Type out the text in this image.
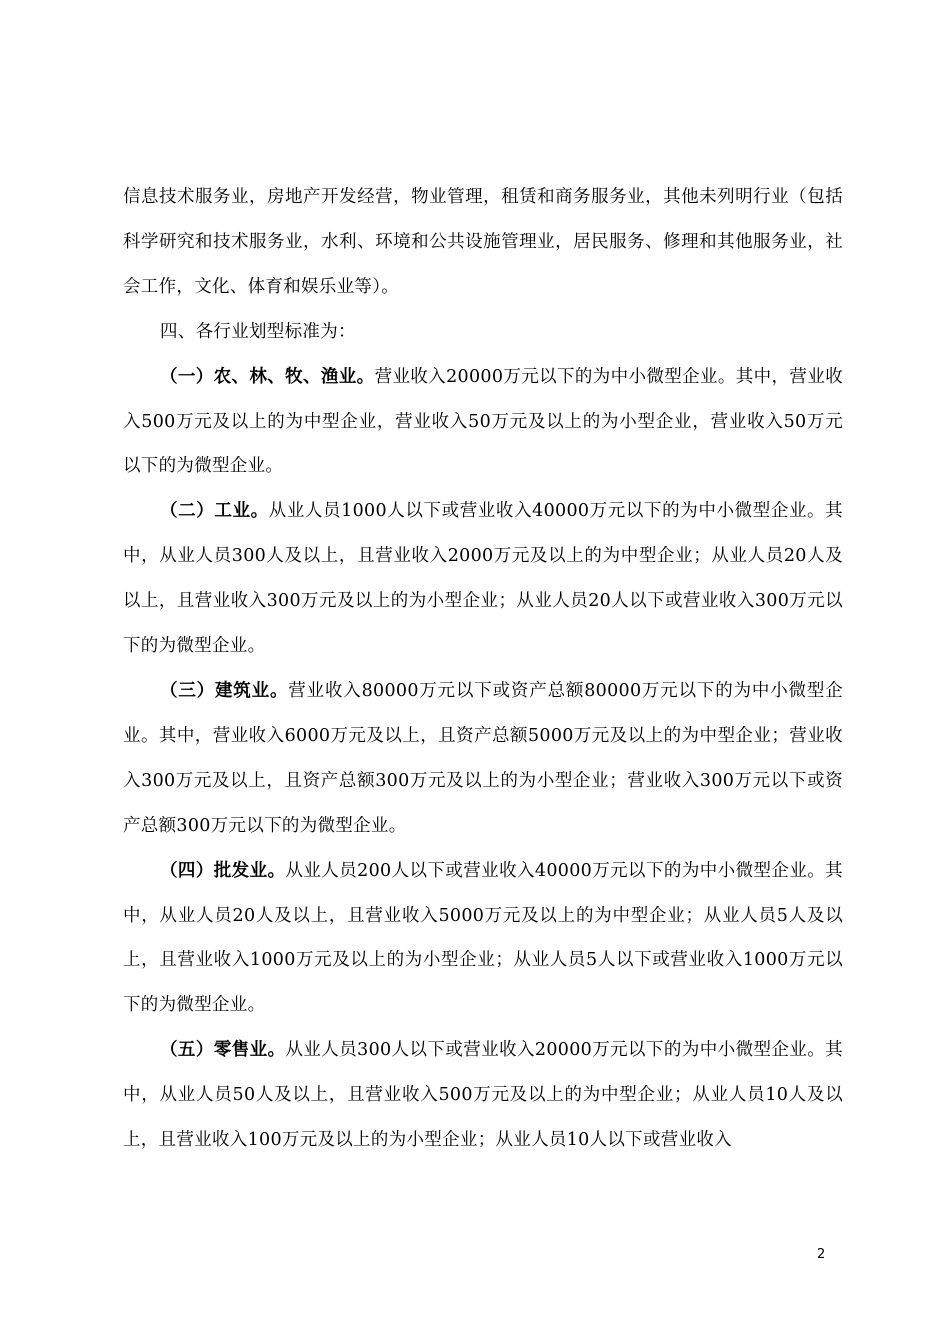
信息技术服务业，房地产开发经营，物业管理，租赁和商务服务业，其他未列明行业（包括科学研究和技术服务业，水利、环境和公共设施管理业，居民服务、修理和其他服务业，社会工作，文化、体育和娱乐业等）。

四、各行业划型标准为：

（一）农、林、牧、渔业。营业收入20000万元以下的为中小微型企业。其中，营业收入500万元及以上的为中型企业，营业收入50万元及以上的为小型企业，营业收入50万元以下的为微型企业。

（二）工业。从业人员1000人以下或营业收入40000万元以下的为中小微型企业。其中，从业人员300人及以上，且营业收入2000万元及以上的为中型企业；从业人员20人及以上，且营业收入300万元及以上的为小型企业；从业人员20人以下或营业收入300万元以下的为微型企业。

（三）建筑业。营业收入80000万元以下或资产总额80000万元以下的为中小微型企业。其中，营业收入6000万元及以上，且资产总额5000万元及以上的为中型企业；营业收入300万元及以上，且资产总额300万元及以上的为小型企业；营业收入300万元以下或资产总额300万元以下的为微型企业。

（四）批发业。从业人员200人以下或营业收入40000万元以下的为中小微型企业。其中，从业人员20人及以上，且营业收入5000万元及以上的为中型企业；从业人员5人及以上，且营业收入1000万元及以上的为小型企业；从业人员5人以下或营业收入1000万元以下的为微型企业。

（五）零售业。从业人员300人以下或营业收入20000万元以下的为中小微型企业。其中，从业人员50人及以上，且营业收入500万元及以上的为中型企业；从业人员10人及以上，且营业收入100万元及以上的为小型企业；从业人员10人以下或营业收入

2
